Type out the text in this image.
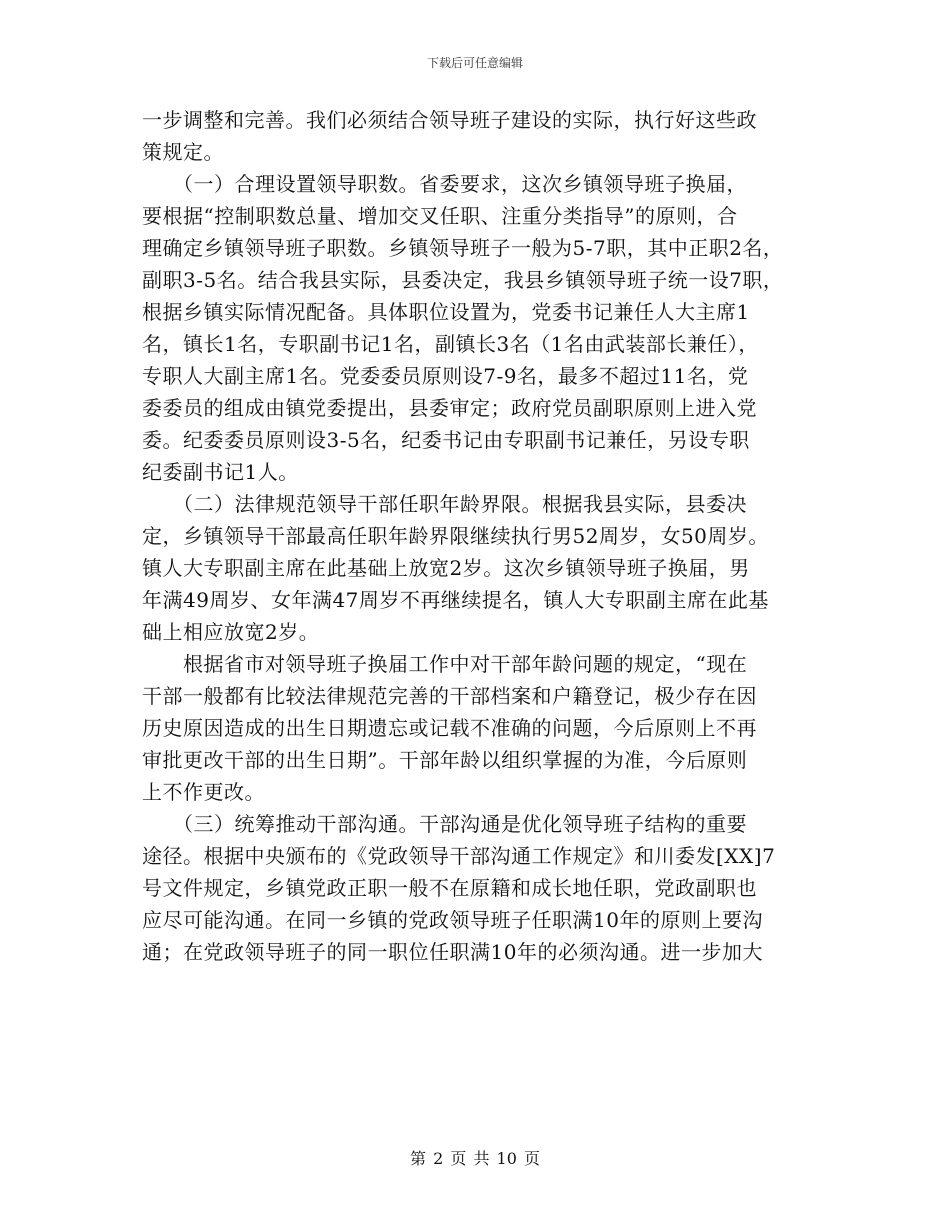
下载后可任意编辑
一步调整和完善。我们必须结合领导班子建设的实际，执行好这些政
策规定。
　　（一）合理设置领导职数。省委要求，这次乡镇领导班子换届，
要根据“控制职数总量、增加交叉任职、注重分类指导”的原则，合
理确定乡镇领导班子职数。乡镇领导班子一般为5-7职，其中正职2名，
副职3-5名。结合我县实际，县委决定，我县乡镇领导班子统一设7职，
根据乡镇实际情况配备。具体职位设置为，党委书记兼任人大主席1
名，镇长1名，专职副书记1名，副镇长3名（1名由武装部长兼任），
专职人大副主席1名。党委委员原则设7-9名，最多不超过11名，党
委委员的组成由镇党委提出，县委审定；政府党员副职原则上进入党
委。纪委委员原则设3-5名，纪委书记由专职副书记兼任，另设专职
纪委副书记1人。
　　（二）法律规范领导干部任职年龄界限。根据我县实际，县委决
定，乡镇领导干部最高任职年龄界限继续执行男52周岁，女50周岁。
镇人大专职副主席在此基础上放宽2岁。这次乡镇领导班子换届，男
年满49周岁、女年满47周岁不再继续提名，镇人大专职副主席在此基
础上相应放宽2岁。
　　根据省市对领导班子换届工作中对干部年龄问题的规定，“现在
干部一般都有比较法律规范完善的干部档案和户籍登记，极少存在因
历史原因造成的出生日期遗忘或记载不准确的问题，今后原则上不再
审批更改干部的出生日期”。干部年龄以组织掌握的为准，今后原则
上不作更改。
　　（三）统筹推动干部沟通。干部沟通是优化领导班子结构的重要
途径。根据中央颁布的《党政领导干部沟通工作规定》和川委发[XX]7
号文件规定，乡镇党政正职一般不在原籍和成长地任职，党政副职也
应尽可能沟通。在同一乡镇的党政领导班子任职满10年的原则上要沟
通；在党政领导班子的同一职位任职满10年的必须沟通。进一步加大
第 2 页 共 10 页
